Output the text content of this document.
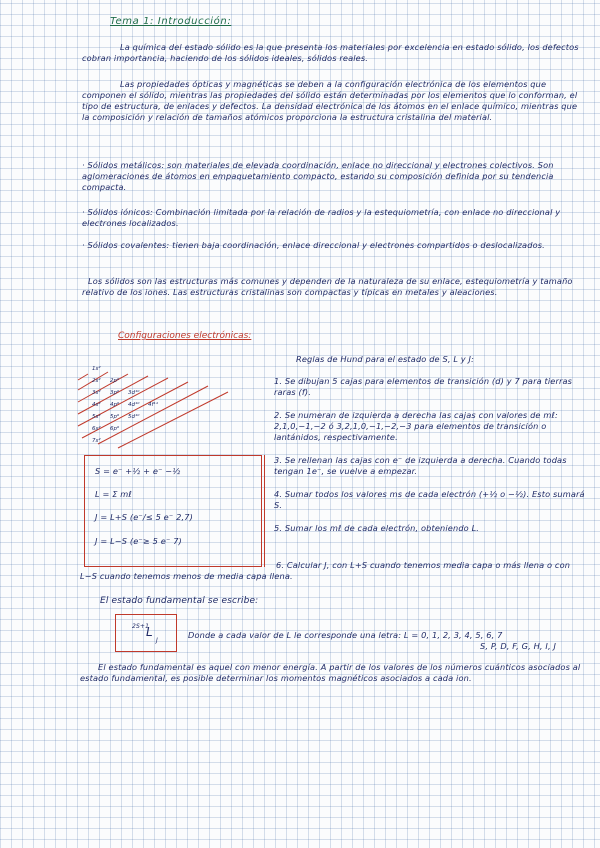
Tema 1: Introducción:

La química del estado sólido es la que presenta los materiales por excelencia en estado sólido, los defectos cobran importancia, haciendo de los sólidos ideales, sólidos reales.

Las propiedades ópticas y magnéticas se deben a la configuración electrónica de los elementos que componen el sólido, mientras las propiedades del sólido están determinadas por los elementos que lo conforman, el tipo de estructura, de enlaces y defectos. La densidad electrónica de los átomos en el enlace químico, mientras que la composición y relación de tamaños atómicos proporciona la estructura cristalina del material.

· Sólidos metálicos: son materiales de elevada coordinación, enlace no direccional y electrones colectivos. Son aglomeraciones de átomos en empaquetamiento compacto, estando su composición definida por su tendencia compacta.

· Sólidos iónicos: Combinación limitada por la relación de radios y la estequiometría, con enlace no direccional y electrones localizados.

· Sólidos covalentes: tienen baja coordinación, enlace direccional y electrones compartidos o deslocalizados.

Los sólidos son las estructuras más comunes y dependen de la naturaleza de su enlace, estequiometría y tamaño relativo de los iones. Las estructuras cristalinas son compactas y típicas en metales y aleaciones.

Configuraciones electrónicas:

1s²
2s² 2p⁶
3s² 3p⁶ 3d¹⁰
4s² 4p⁶ 4d¹⁰ 4f¹⁴
5s² 5p⁶ 5d¹⁰
6s² 6p⁶
7s²

Reglas de Hund para el estado de S, L y J:

1. Se dibujan 5 cajas para elementos de transición (d) y 7 para tierras raras (f).

2. Se numeran de izquierda a derecha las cajas con valores de mℓ: 2,1,0,−1,−2 ó 3,2,1,0,−1,−2,−3 para elementos de transición o lantánidos, respectivamente.

3. Se rellenan las cajas con e⁻ de izquierda a derecha. Cuando todas tengan 1e⁻, se vuelve a empezar.

4. Sumar todos los valores ms de cada electrón (+½ o −½). Esto sumará S.

5. Sumar los mℓ de cada electrón, obteniendo L.

6. Calcular J, con L+S cuando tenemos media capa o más llena o con L−S cuando tenemos menos de media capa llena.

S = e⁻ +½ + e⁻ −½

L = Σ mℓ

J = L+S (e⁻/≤ 5 e⁻ 2,7)

J = L−S (e⁻≥ 5 e⁻ 7)

El estado fundamental se escribe:

2S+1
L
J

Donde a cada valor de L le corresponde una letra: L = 0, 1, 2, 3, 4, 5, 6, 7

S, P, D, F, G, H, I, J

El estado fundamental es aquel con menor energía. A partir de los valores de los números cuánticos asociados al estado fundamental, es posible determinar los momentos magnéticos asociados a cada ion.
